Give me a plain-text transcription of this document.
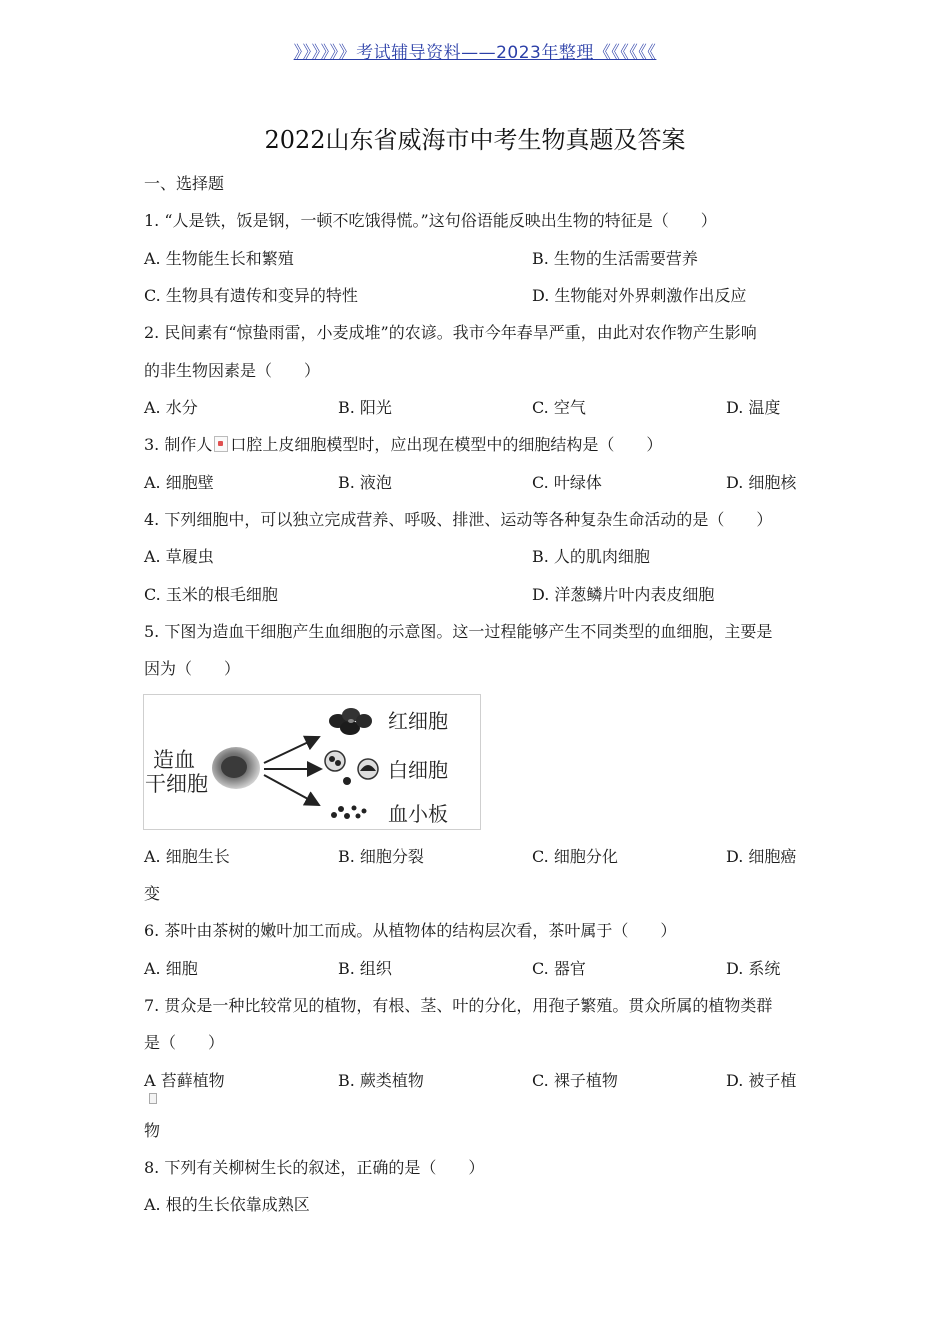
》》》》》》考试辅导资料——2023年整理《《《《《《
2022山东省威海市中考生物真题及答案
一、选择题
1. “人是铁，饭是钢，一顿不吃饿得慌。”这句俗语能反映出生物的特征是（　　）
A. 生物能生长和繁殖	B. 生物的生活需要营养
C. 生物具有遗传和变异的特性	D. 生物能对外界刺激作出反应
2. 民间素有“惊蛰雨雷，小麦成堆”的农谚。我市今年春旱严重，由此对农作物产生影响
的非生物因素是（　　）
A. 水分	B. 阳光	C. 空气	D. 温度
3. 制作人 口腔上皮细胞模型时，应出现在模型中的细胞结构是（　　）
A. 细胞壁	B. 液泡	C. 叶绿体	D. 细胞核
4. 下列细胞中，可以独立完成营养、呼吸、排泄、运动等各种复杂生命活动的是（　　）
A. 草履虫	B. 人的肌肉细胞
C. 玉米的根毛细胞	D. 洋葱鳞片叶内表皮细胞
5. 下图为造血干细胞产生血细胞的示意图。这一过程能够产生不同类型的血细胞，主要是
因为（　　）
造血
干细胞
红细胞
白细胞
血小板
A. 细胞生长	B. 细胞分裂	C. 细胞分化	D. 细胞癌
变
6. 茶叶由茶树的嫩叶加工而成。从植物体的结构层次看，茶叶属于（　　）
A. 细胞	B. 组织	C. 器官	D. 系统
7. 贯众是一种比较常见的植物，有根、茎、叶的分化，用孢子繁殖。贯众所属的植物类群
是（　　）
A 苔藓植物	B. 蕨类植物	C. 裸子植物	D. 被子植
物
8. 下列有关柳树生长的叙述，正确的是（　　）
A. 根的生长依靠成熟区
